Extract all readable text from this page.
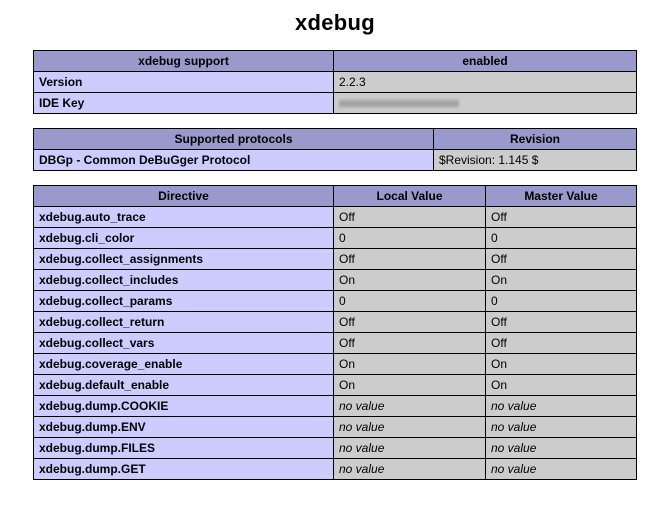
xdebug
xdebug support	enabled
Version	2.2.3
IDE Key	
Supported protocols	Revision
DBGp - Common DeBuGger Protocol	$Revision: 1.145 $
Directive	Local Value	Master Value
xdebug.auto_trace	Off	Off
xdebug.cli_color	0	0
xdebug.collect_assignments	Off	Off
xdebug.collect_includes	On	On
xdebug.collect_params	0	0
xdebug.collect_return	Off	Off
xdebug.collect_vars	Off	Off
xdebug.coverage_enable	On	On
xdebug.default_enable	On	On
xdebug.dump.COOKIE	no value	no value
xdebug.dump.ENV	no value	no value
xdebug.dump.FILES	no value	no value
xdebug.dump.GET	no value	no value
